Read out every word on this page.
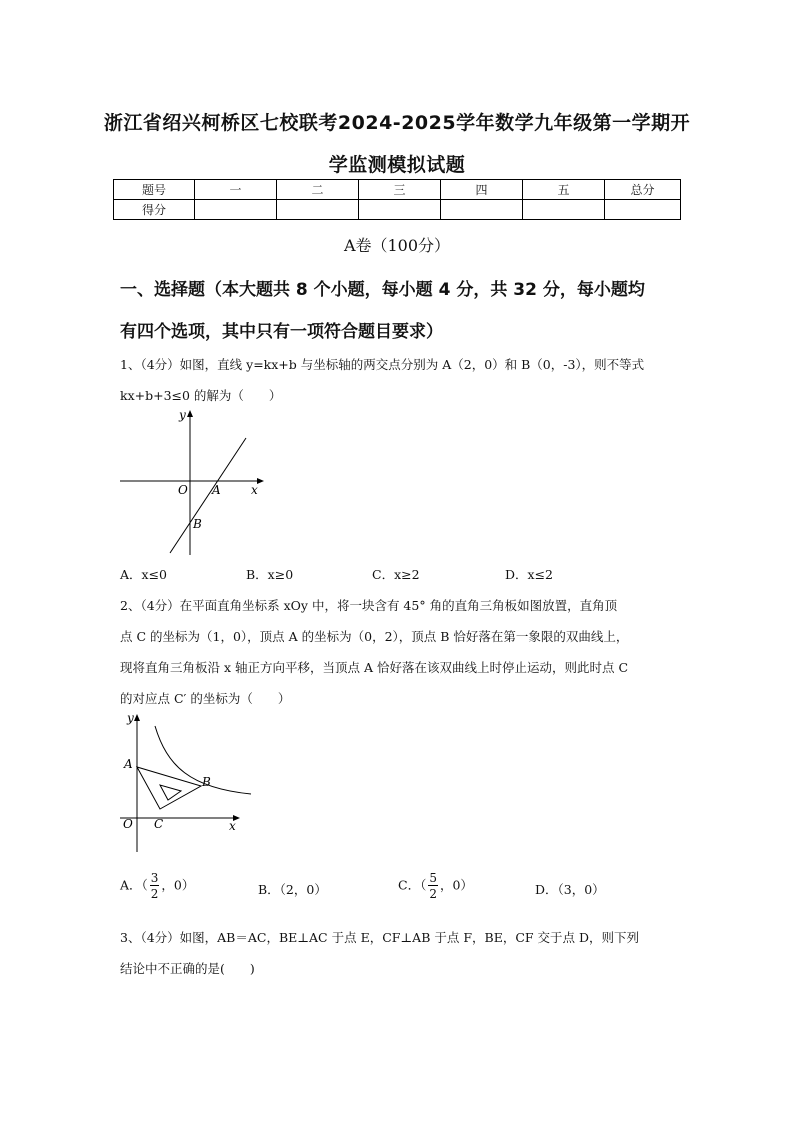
浙江省绍兴柯桥区七校联考2024-2025学年数学九年级第一学期开
学监测模拟试题
题号	一	二	三	四	五	总分
得分						
A卷（100分）
一、选择题（本大题共 8 个小题，每小题 4 分，共 32 分，每小题均
有四个选项，其中只有一项符合题目要求）
1、（4分）如图，直线 y=kx+b 与坐标轴的两交点分别为 A（2，0）和 B（0，-3），则不等式
kx+b+3≤0 的解为（　　）
y
x
O A
B
A．x≤0	B．x≥0	C．x≥2	D．x≤2
2、（4分）在平面直角坐标系 xOy 中，将一块含有 45° 角的直角三角板如图放置，直角顶
点 C 的坐标为（1，0），顶点 A 的坐标为（0，2），顶点 B 恰好落在第一象限的双曲线上，
现将直角三角板沿 x 轴正方向平移，当顶点 A 恰好落在该双曲线上时停止运动，则此时点 C
的对应点 C′ 的坐标为（　　）
y
x
O
A
B
C
A．（ $\frac{3}{2}$ ，0）	B．（2，0）	C．（ $\frac{5}{2}$ ，0）	D．（3，0）
3、（4分）如图，AB＝AC，BE⊥AC 于点 E，CF⊥AB 于点 F，BE，CF 交于点 D，则下列
结论中不正确的是(　　)
